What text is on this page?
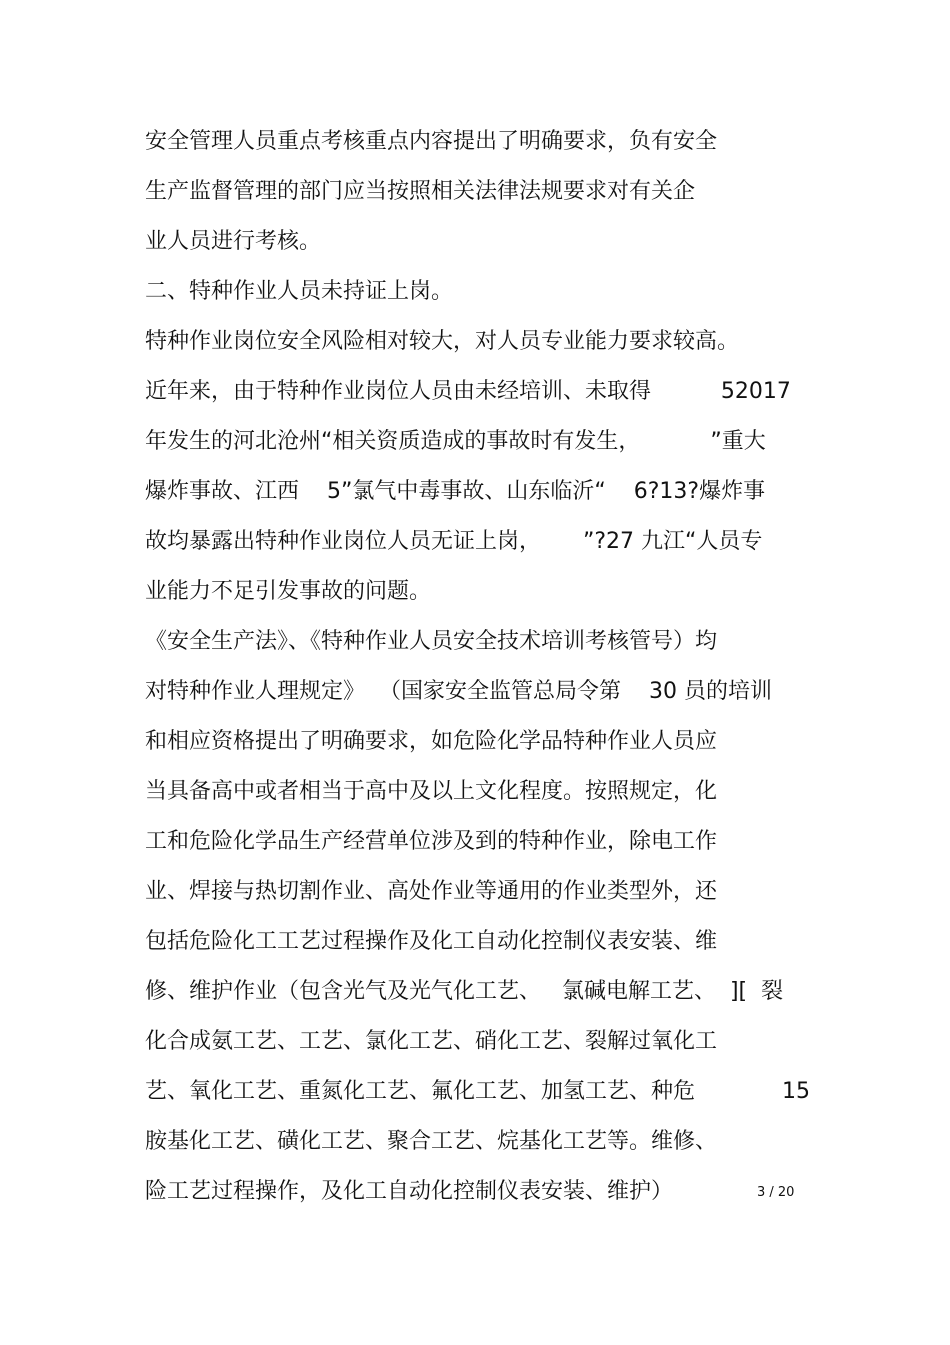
安全管理人员重点考核重点内容提出了明确要求，负有安全
生产监督管理的部门应当按照相关法律法规要求对有关企
业人员进行考核。
二、特种作业人员未持证上岗。
特种作业岗位安全风险相对较大，对人员专业能力要求较高。
近年来，由于特种作业岗位人员由未经培训、未取得          52017
年发生的河北沧州“相关资质造成的事故时有发生，          ”重大
爆炸事故、江西    5”氯气中毒事故、山东临沂“    6?13?爆炸事
故均暴露出特种作业岗位人员无证上岗，      ”?27 九江“人员专
业能力不足引发事故的问题。
《安全生产法》、《特种作业人员安全技术培训考核管号）均
对特种作业人理规定》  （国家安全监管总局令第    30 员的培训
和相应资格提出了明确要求，如危险化学品特种作业人员应
当具备高中或者相当于高中及以上文化程度。按照规定，化
工和危险化学品生产经营单位涉及到的特种作业，除电工作
业、焊接与热切割作业、高处作业等通用的作业类型外，还
包括危险化工工艺过程操作及化工自动化控制仪表安装、维
修、维护作业（包含光气及光气化工艺、   氯碱电解工艺、  ][  裂
化合成氨工艺、工艺、氯化工艺、硝化工艺、裂解过氧化工
艺、氧化工艺、重氮化工艺、氟化工艺、加氢工艺、种危
胺基化工艺、磺化工艺、聚合工艺、烷基化工艺等。维修、
险工艺过程操作，及化工自动化控制仪表安装、维护）
15
3 / 20
